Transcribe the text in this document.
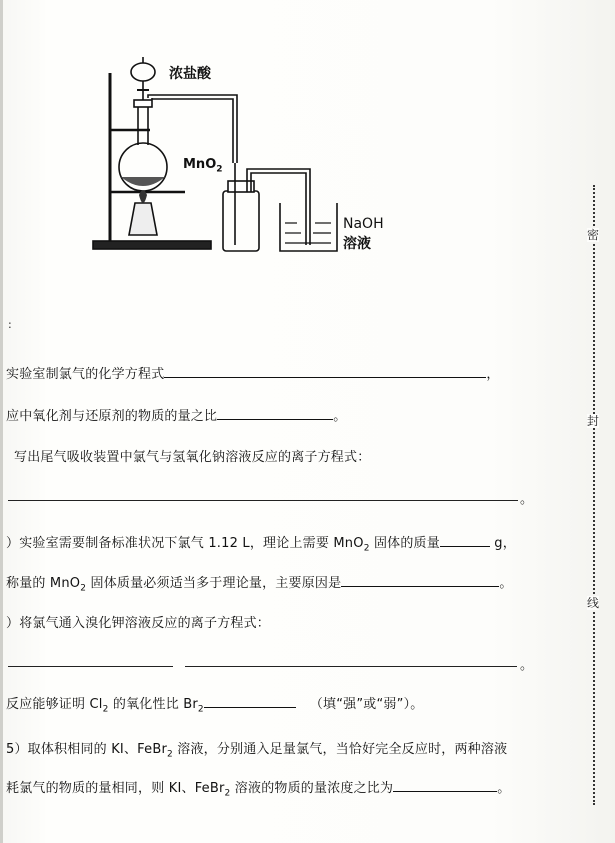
浓盐酸
MnO$_2$
NaOH
溶液
密
封
线
:
实验室制氯气的化学方程式	，
应中氧化剂与还原剂的物质的量之比	。
写出尾气吸收装置中氯气与氢氧化钠溶液反应的离子方程式：
。
）实验室需要制备标准状况下氯气 1.12 L，理论上需要 MnO$_2$ 固体的质量	g，
称量的 MnO$_2$ 固体质量必须适当多于理论量，主要原因是	。
）将氯气通入溴化钾溶液反应的离子方程式：
。
反应能够证明 $Cl_2$ 的氧化性比 $Br_2$	（填“强”或“弱”）。
5）取体积相同的 KI、FeBr$_2$ 溶液，分别通入足量氯气，当恰好完全反应时，两种溶液
耗氯气的物质的量相同，则 KI、FeBr$_2$ 溶液的物质的量浓度之比为	。
